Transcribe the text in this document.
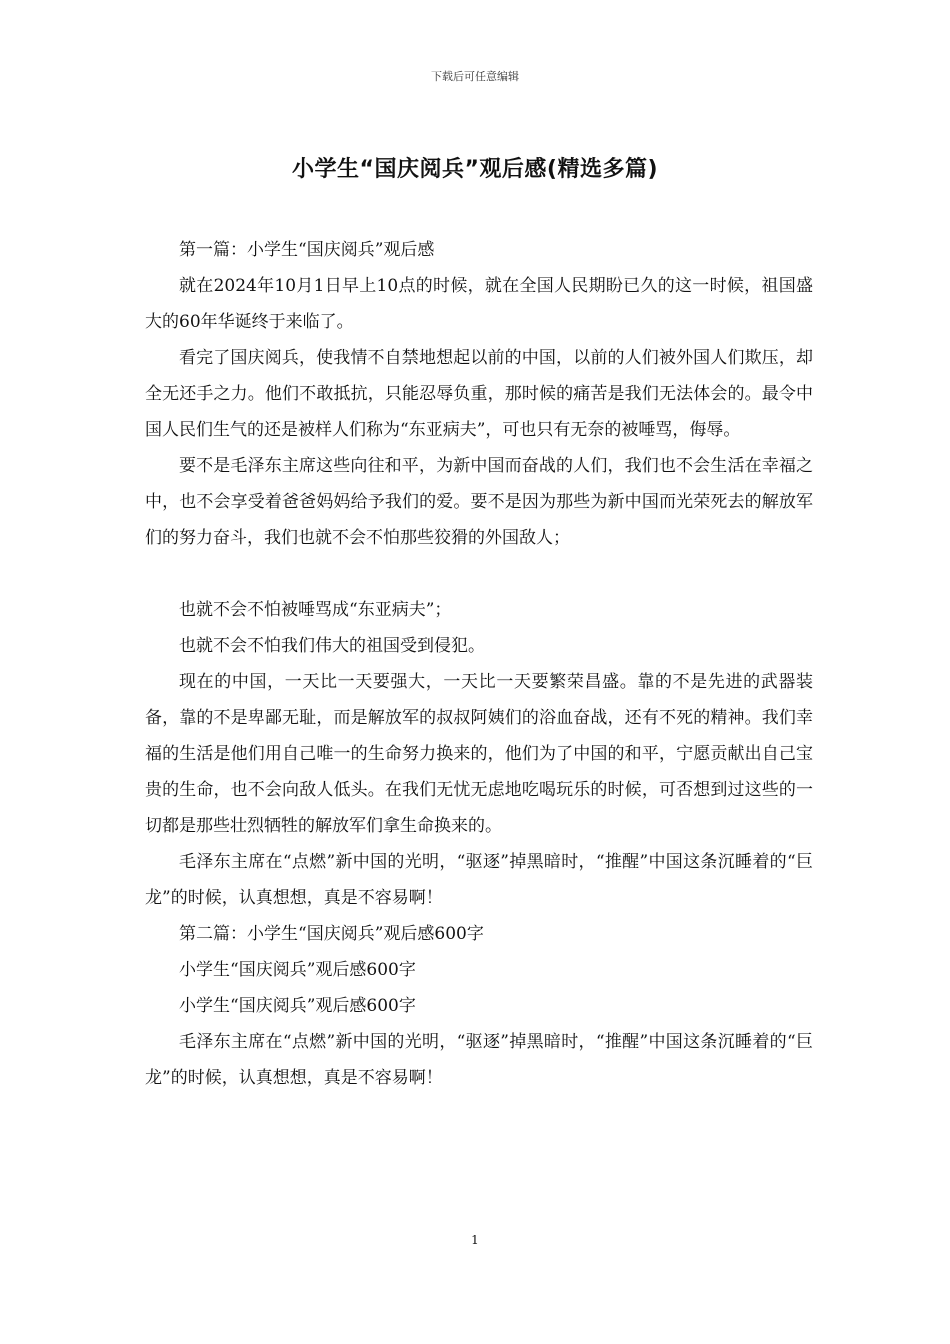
下载后可任意编辑
小学生“国庆阅兵”观后感(精选多篇)

第一篇：小学生“国庆阅兵”观后感

就在2024年10月1日早上10点的时候，就在全国人民期盼已久的这一时候，祖国盛大的60年华诞终于来临了。

看完了国庆阅兵，使我情不自禁地想起以前的中国，以前的人们被外国人们欺压，却全无还手之力。他们不敢抵抗，只能忍辱负重，那时候的痛苦是我们无法体会的。最令中国人民们生气的还是被样人们称为“东亚病夫”，可也只有无奈的被唾骂，侮辱。

要不是毛泽东主席这些向往和平，为新中国而奋战的人们，我们也不会生活在幸福之中，也不会享受着爸爸妈妈给予我们的爱。要不是因为那些为新中国而光荣死去的解放军们的努力奋斗，我们也就不会不怕那些狡猾的外国敌人；

也就不会不怕被唾骂成“东亚病夫”；

也就不会不怕我们伟大的祖国受到侵犯。

现在的中国，一天比一天要强大，一天比一天要繁荣昌盛。靠的不是先进的武器装备，靠的不是卑鄙无耻，而是解放军的叔叔阿姨们的浴血奋战，还有不死的精神。我们幸福的生活是他们用自己唯一的生命努力换来的，他们为了中国的和平，宁愿贡献出自己宝贵的生命，也不会向敌人低头。在我们无忧无虑地吃喝玩乐的时候，可否想到过这些的一切都是那些壮烈牺牲的解放军们拿生命换来的。

毛泽东主席在“点燃”新中国的光明，“驱逐”掉黑暗时，“推醒”中国这条沉睡着的“巨龙”的时候，认真想想，真是不容易啊！

第二篇：小学生“国庆阅兵”观后感600字

小学生“国庆阅兵”观后感600字

小学生“国庆阅兵”观后感600字

毛泽东主席在“点燃”新中国的光明，“驱逐”掉黑暗时，“推醒”中国这条沉睡着的“巨龙”的时候，认真想想，真是不容易啊！

1
